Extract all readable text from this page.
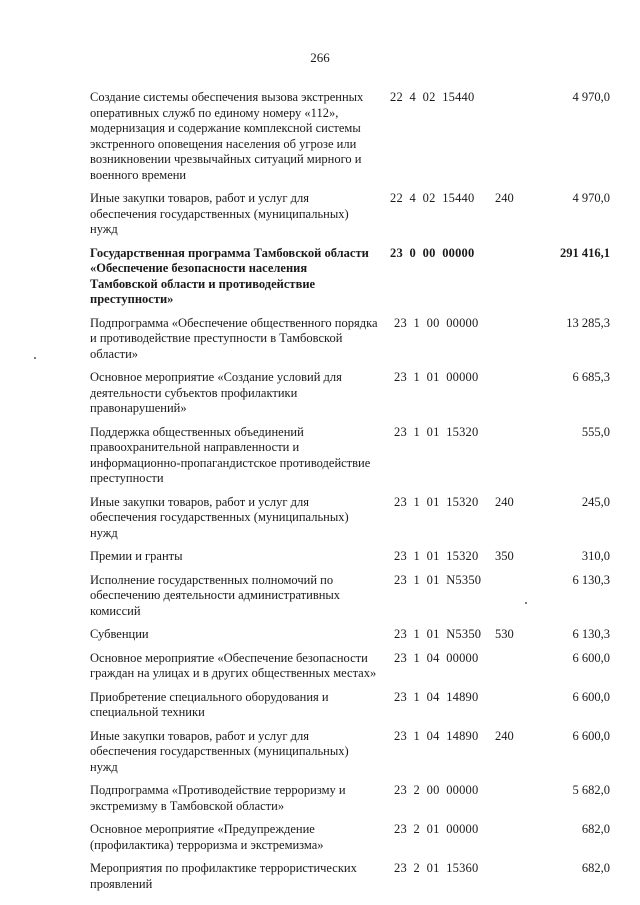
266
Создание системы обеспечения вызова экстренных оперативных служб по единому номеру «112», модернизация и содержание комплексной системы экстренного оповещения населения об угрозе или возникновении чрезвычайных ситуаций мирного и военного времени
22  4  02  15440	4 970,0
Иные закупки товаров, работ и услуг для обеспечения государственных (муниципальных) нужд
22  4  02  15440	240	4 970,0
Государственная программа Тамбовской области «Обеспечение безопасности населения Тамбовской области и противодействие преступности»
23  0  00  00000	291 416,1
Подпрограмма «Обеспечение общественного порядка и противодействие преступности в Тамбовской области»
23  1  00  00000	13 285,3
Основное мероприятие «Создание условий для деятельности субъектов профилактики правонарушений»
23  1  01  00000	6 685,3
Поддержка общественных объединений правоохранительной направленности и информационно-пропагандистское противодействие преступности
23  1  01  15320	555,0
Иные закупки товаров, работ и услуг для обеспечения государственных (муниципальных) нужд
23  1  01  15320	240	245,0
Премии и гранты	23  1  01  15320	350	310,0
Исполнение государственных полномочий по обеспечению деятельности административных комиссий
23  1  01  N5350	6 130,3
Субвенции	23  1  01  N5350	530	6 130,3
Основное мероприятие «Обеспечение безопасности граждан на улицах и в других общественных местах»
23  1  04  00000	6 600,0
Приобретение специального оборудования и специальной техники
23  1  04  14890	6 600,0
Иные закупки товаров, работ и услуг для обеспечения государственных (муниципальных) нужд
23  1  04  14890	240	6 600,0
Подпрограмма «Противодействие терроризму и экстремизму в Тамбовской области»
23  2  00  00000	5 682,0
Основное мероприятие «Предупреждение (профилактика) терроризма и экстремизма»
23  2  01  00000	682,0
Мероприятия по профилактике террористических проявлений
23  2  01  15360	682,0
